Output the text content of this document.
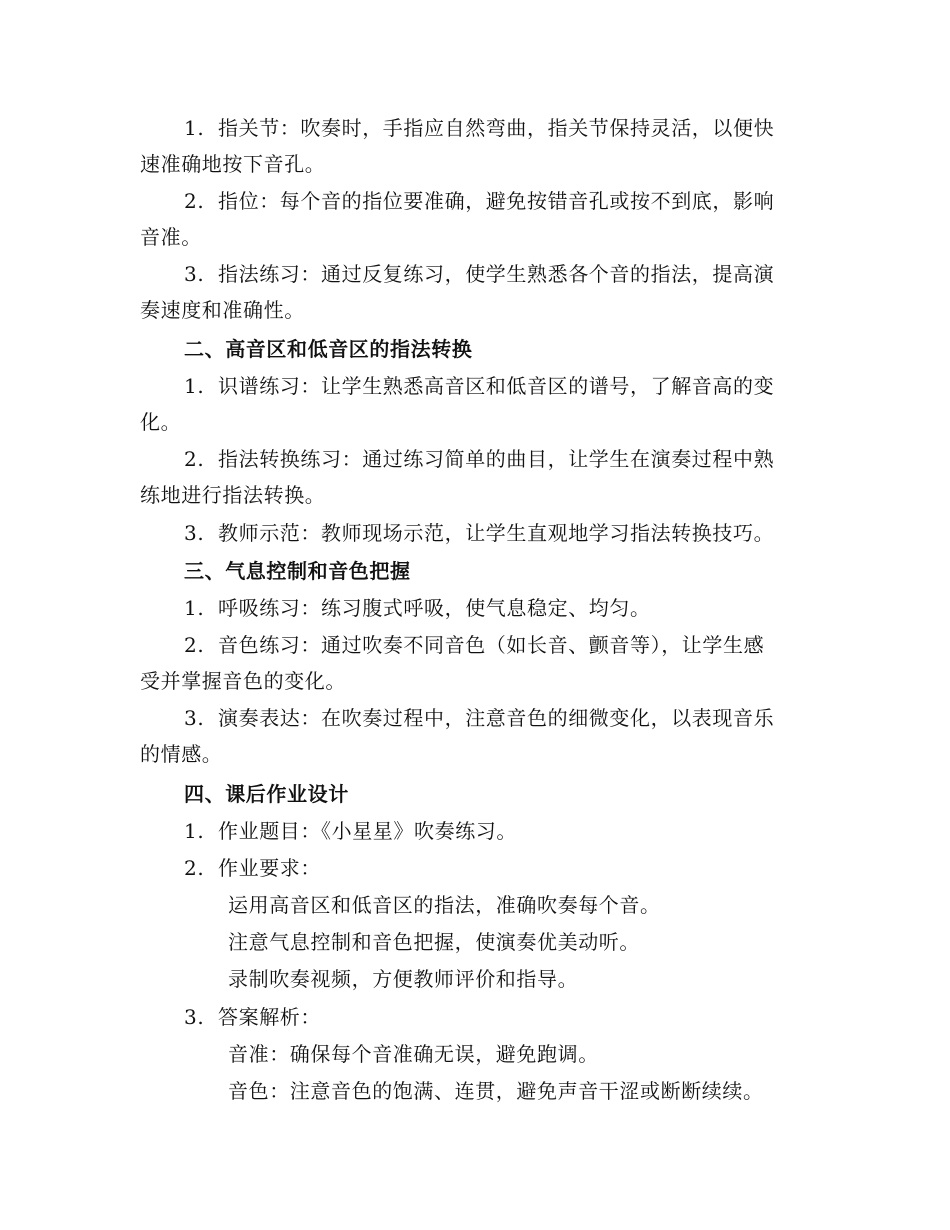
1. 指关节：吹奏时，手指应自然弯曲，指关节保持灵活，以便快
速准确地按下音孔。
2. 指位：每个音的指位要准确，避免按错音孔或按不到底，影响
音准。
3. 指法练习：通过反复练习，使学生熟悉各个音的指法，提高演
奏速度和准确性。
二、高音区和低音区的指法转换
1. 识谱练习：让学生熟悉高音区和低音区的谱号，了解音高的变
化。
2. 指法转换练习：通过练习简单的曲目，让学生在演奏过程中熟
练地进行指法转换。
3. 教师示范：教师现场示范，让学生直观地学习指法转换技巧。
三、气息控制和音色把握
1. 呼吸练习：练习腹式呼吸，使气息稳定、均匀。
2. 音色练习：通过吹奏不同音色（如长音、颤音等），让学生感
受并掌握音色的变化。
3. 演奏表达：在吹奏过程中，注意音色的细微变化，以表现音乐
的情感。
四、课后作业设计
1. 作业题目：《小星星》吹奏练习。
2. 作业要求：
运用高音区和低音区的指法，准确吹奏每个音。
注意气息控制和音色把握，使演奏优美动听。
录制吹奏视频，方便教师评价和指导。
3. 答案解析：
音准：确保每个音准确无误，避免跑调。
音色：注意音色的饱满、连贯，避免声音干涩或断断续续。
